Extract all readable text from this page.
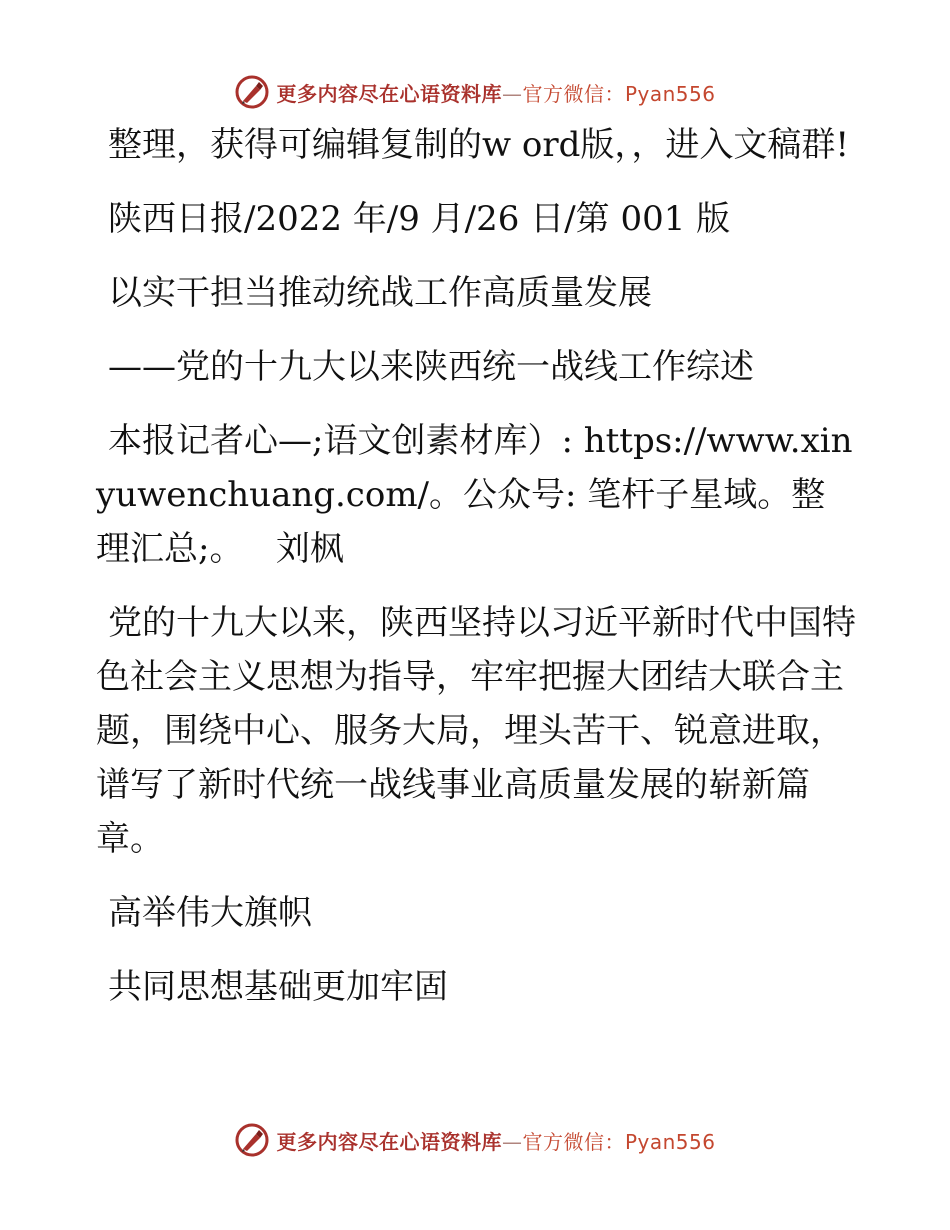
更多内容尽在心语资料库—官方微信：Pyan556

整理，获得可编辑复制的w ord版，，进入文稿群!

陕西日报/2022 年/9 月/26 日/第 001 版

以实干担当推动统战工作高质量发展

——党的十九大以来陕西统一战线工作综述

本报记者心—;语文创素材库）: https://www.xinyuwenchuang.com/。公众号: 笔杆子星域。整理汇总;。   刘枫

党的十九大以来，陕西坚持以习近平新时代中国特色社会主义思想为指导，牢牢把握大团结大联合主题，围绕中心、服务大局，埋头苦干、锐意进取，谱写了新时代统一战线事业高质量发展的崭新篇章。

高举伟大旗帜

共同思想基础更加牢固

更多内容尽在心语资料库—官方微信：Pyan556
